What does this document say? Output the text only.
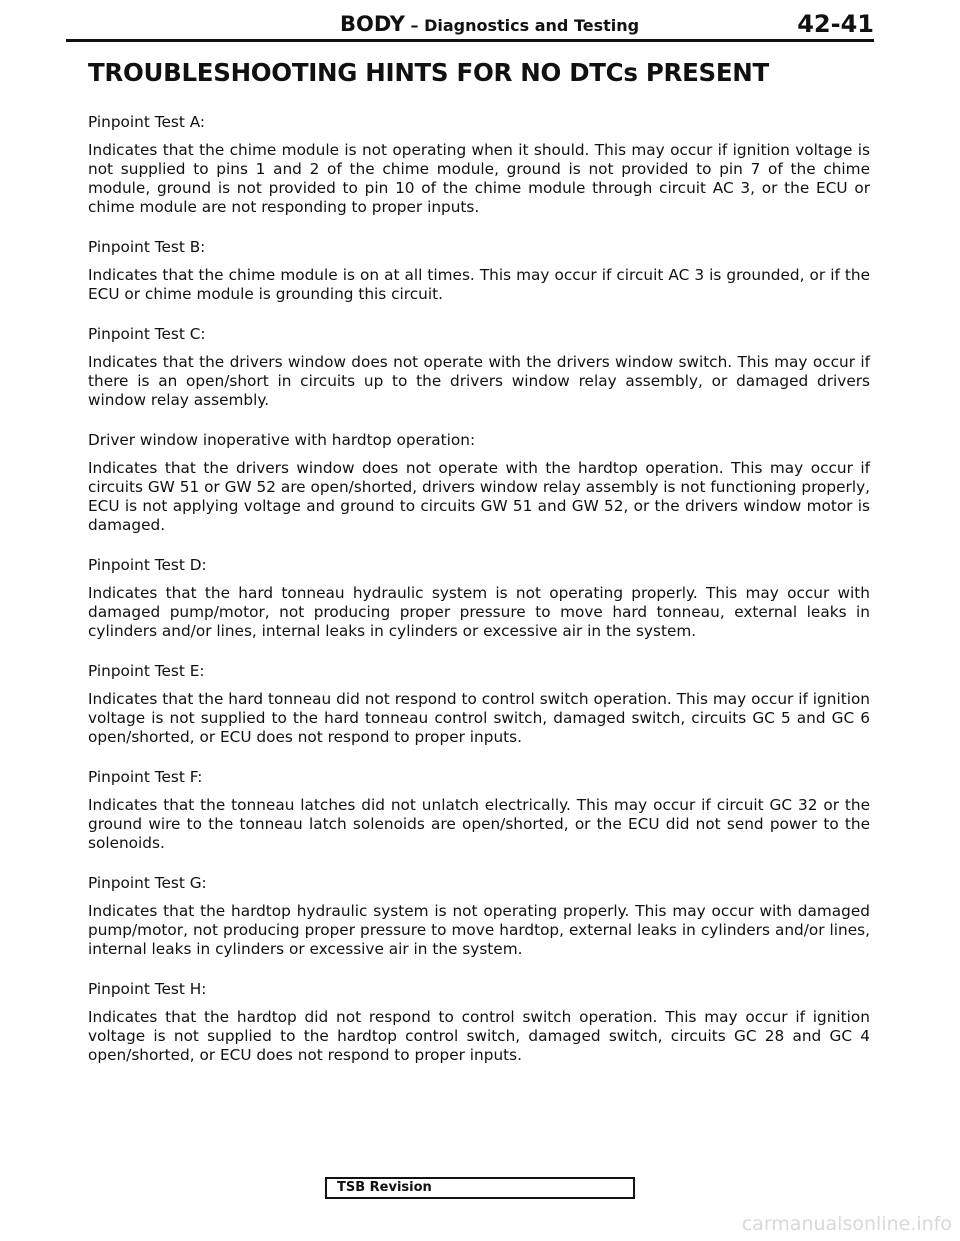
BODY – Diagnostics and Testing	42-41
TROUBLESHOOTING HINTS FOR NO DTCs PRESENT

Pinpoint Test A:

Indicates that the chime module is not operating when it should. This may occur if ignition voltage is not supplied to pins 1 and 2 of the chime module, ground is not provided to pin 7 of the chime module, ground is not provided to pin 10 of the chime module through circuit AC 3, or the ECU or chime module are not responding to proper inputs.

Pinpoint Test B:

Indicates that the chime module is on at all times. This may occur if circuit AC 3 is grounded, or if the ECU or chime module is grounding this circuit.

Pinpoint Test C:

Indicates that the drivers window does not operate with the drivers window switch. This may occur if there is an open/short in circuits up to the drivers window relay assembly, or damaged drivers window relay assembly.

Driver window inoperative with hardtop operation:

Indicates that the drivers window does not operate with the hardtop operation. This may occur if circuits GW 51 or GW 52 are open/shorted, drivers window relay assembly is not functioning properly, ECU is not applying voltage and ground to circuits GW 51 and GW 52, or the drivers window motor is damaged.

Pinpoint Test D:

Indicates that the hard tonneau hydraulic system is not operating properly. This may occur with damaged pump/motor, not producing proper pressure to move hard tonneau, external leaks in cylinders and/or lines, internal leaks in cylinders or excessive air in the system.

Pinpoint Test E:

Indicates that the hard tonneau did not respond to control switch operation. This may occur if ignition voltage is not supplied to the hard tonneau control switch, damaged switch, circuits GC 5 and GC 6 open/shorted, or ECU does not respond to proper inputs.

Pinpoint Test F:

Indicates that the tonneau latches did not unlatch electrically. This may occur if circuit GC 32 or the ground wire to the tonneau latch solenoids are open/shorted, or the ECU did not send power to the solenoids.

Pinpoint Test G:

Indicates that the hardtop hydraulic system is not operating properly. This may occur with damaged pump/motor, not producing proper pressure to move hardtop, external leaks in cylinders and/or lines, internal leaks in cylinders or excessive air in the system.

Pinpoint Test H:

Indicates that the hardtop did not respond to control switch operation. This may occur if ignition voltage is not supplied to the hardtop control switch, damaged switch, circuits GC 28 and GC 4 open/shorted, or ECU does not respond to proper inputs.

TSB Revision
carmanualsonline.info
